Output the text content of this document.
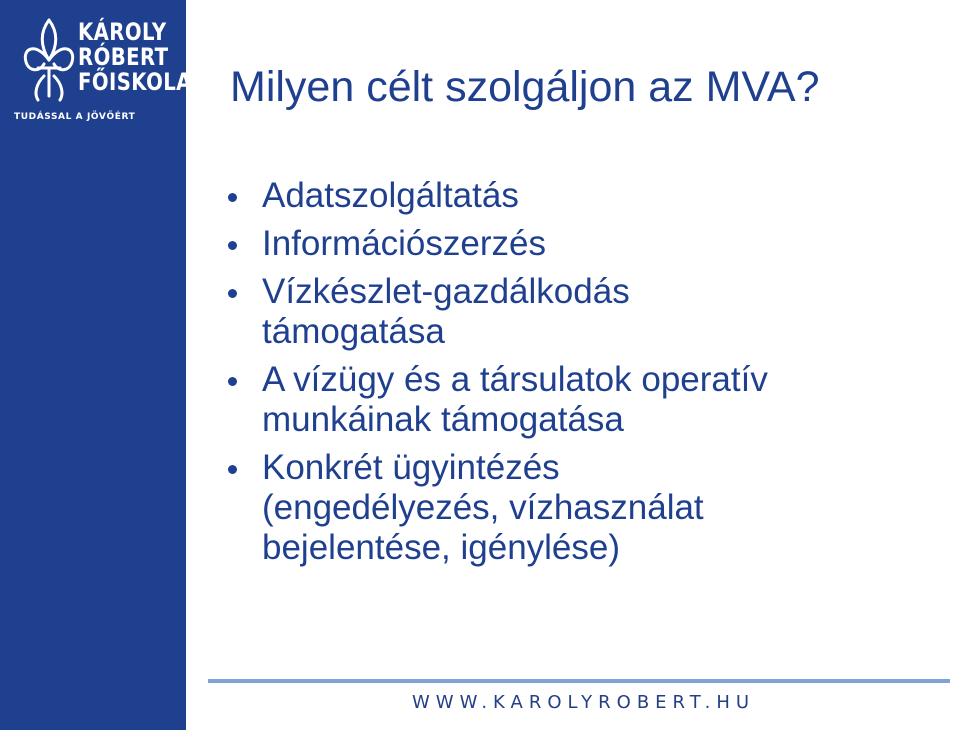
KÁROLY
RÓBERT
FŐISKOLA
TUDÁSSAL A JÖVŐÉRT
Milyen célt szolgáljon az MVA?
Adatszolgáltatás
Információszerzés
Vízkészlet-gazdálkodás
támogatása
A vízügy és a társulatok operatív
munkáinak támogatása
Konkrét ügyintézés
(engedélyezés, vízhasználat
bejelentése, igénylése)
WWW.KAROLYROBERT.HU
